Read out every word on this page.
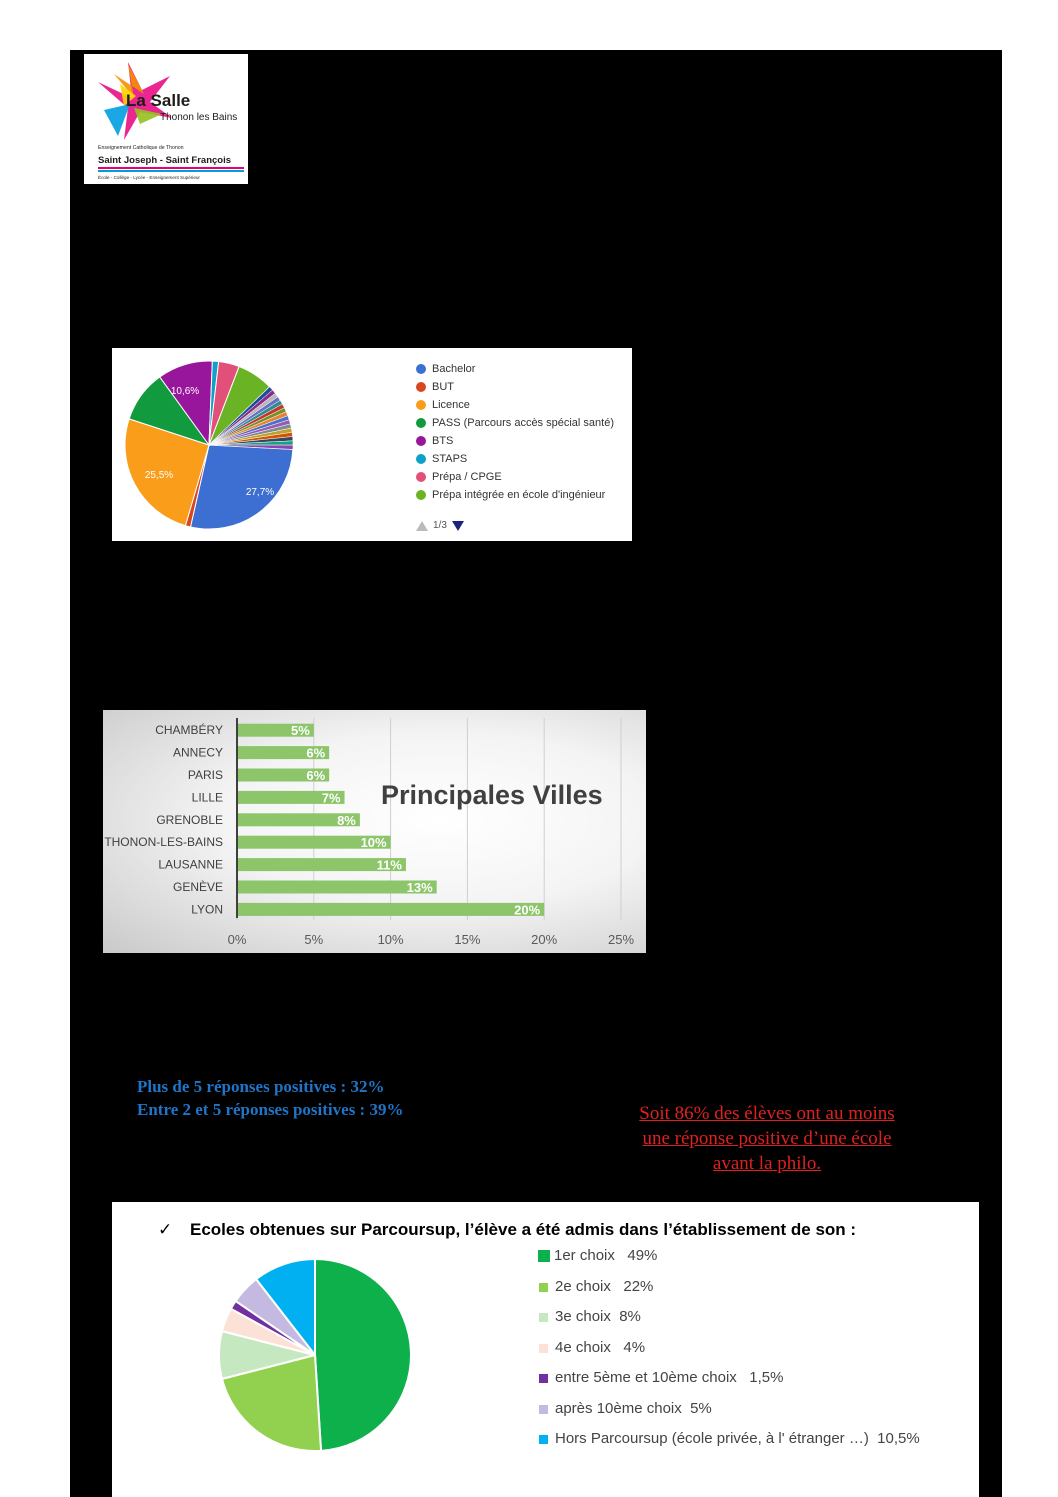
La Salle
Thonon les Bains
Enseignement Catholique de Thonon
Saint Joseph - Saint François
École - Collège - Lycée - Enseignement Supérieur
27,7%
25,5%
10,6%
Bachelor
BUT
Licence
PASS (Parcours accès spécial santé)
BTS
STAPS
Prépa / CPGE
Prépa intégrée en école d'ingénieur
1/3
0%	5%	10%	15%	20%	25%
CHAMBÉRY	5%
ANNECY	6%
PARIS	6%
LILLE	7%
GRENOBLE	8%
THONON-LES-BAINS	10%
LAUSANNE	11%
GENÈVE	13%
LYON	20%
Principales Villes
Plus de 5 réponses positives : 32%
Entre 2 et 5 réponses positives : 39%	Soit 86% des élèves ont au moins
une réponse positive d’une école
avant la philo.
✓ Ecoles obtenues sur Parcoursup, l’élève a été admis dans l’établissement de son :
1er choix   49%
2e choix   22%
3e choix  8%
4e choix   4%
entre 5ème et 10ème choix   1,5%
après 10ème choix  5%
Hors Parcoursup (école privée, à l' étranger …)  10,5%
